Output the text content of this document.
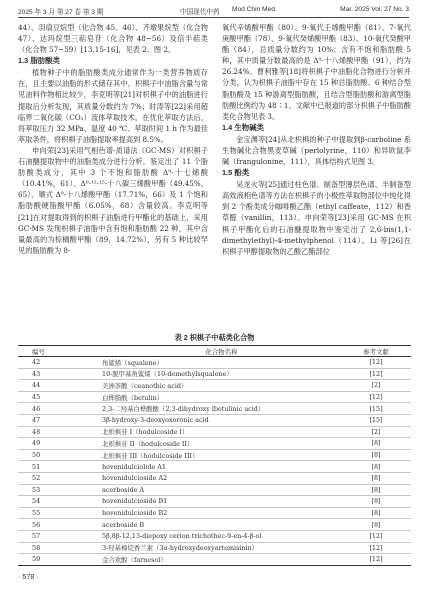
2025 年 3 月 第 27 卷 第 3 期	中国现代中药 Mod Chin Med	Mar. 2025 Vol. 27 No. 3

44）、羽扇豆烷型（化合物 45、46）、齐墩果烷型（化合物 47）、达玛烷型三萜皂苷（化合物 48~56）及倍半萜类（化合物 57~59）[13,15-16]，见表 2、图 2。

1.3 脂肪酸类

植物种子中的脂肪酸类成分通常作为一类营养物质存在，且主要以油脂的形式储存其中。枳椇子中油脂含量与常见油料作物相比较少，李克明等[21]对枳椇子中的油脂进行提取后分析发现，其质量分数约为 7%；时涛等[22]采用超临界二氧化碳（CO₂）流体萃取技术，在优化萃取方法后，将萃取压力 32 MPa、温度 40 ℃、萃取时间 1 h 作为最佳萃取条件，将枳椇子油脂提取率提高到 8.5%。

申向荣[23]采用气相色谱-质谱法（GC-MS）对枳椇子石油醚提取物中的油脂类成分进行分析，鉴定出了 11 个脂肪酸类成分，其中 3 个不饱和脂肪酸 Δ⁹-十七烯酸（10.41%，61）、Δ⁹·¹²·¹⁵-十八碳三烯酸甲酯（49.45%，65）、顺式 Δ⁹-十八烯酸甲酯（17.71%，66）及 1 个饱和脂肪酸硬脂酸甲酯（6.05%，68）含量较高。李克明等[21]在对提取得到的枳椇子油脂进行甲酯化的基础上，采用 GC-MS 发现枳椇子油脂中含有饱和脂肪酸 22 种，其中含量最高的为棕榈酸甲酯（89，14.72%），另有 5 种比较罕见的脂肪酸为 8-

氧代辛烯酸甲酯（80）、9-氧代壬烯酸甲酯（81）、7-氧代庚酸甲酯（78）、9-氧代癸烯酸甲酯（83）、10-氧代癸酸甲酯（84），总质量分数约为 10%；含有不饱和脂肪酸 5 种，其中质量分数最高的是 Δ⁹-十八烯酸甲酯（91），约为 26.24%。曹利雅等[18]将枳椇子中油脂化合物进行分析并分类，认为枳椇子油脂中存在 15 种总脂肪酸、6 种结合型脂肪酸及 15 种游离型脂肪酸，且结合型脂肪酸和游离型脂肪酸比例约为 48∶1。文献中已报道的部分枳椇子中脂肪酸类化合物见表 3。

1.4 生物碱类

金宝渊等[24]从北枳椇的种子中提取到β-carboline 系生物碱化合物黑麦草碱（perlolyrine，110）和异欧鼠李碱（frangulonine，111），具体结构式见图 3。

1.5 酚类

吴龙火等[25]通过柱色谱、制备型薄层色谱、半制备型高效液相色谱等方法在枳椇子的小极性萃取物部位中纯化得到 2 个酚类成分咖啡酸乙酯（ethyl caffeate，112）和香草醛（vanillin，113）。申向荣等[23]采用 GC-MS 在枳椇子甲酯化后的石油醚提取物中鉴定出了 2,6-bis(1,1-dimethylethyl)-4-methylphenol（114）。Li 等[26]在枳椇子甲醇提取物的乙酸乙酯部位

表 2 枳椇子中萜类化合物
编号	化合物名称	参考文献
42	角鲨烯（squalene）	[12]
43	10-脱甲基角鲨烯（10-demethylsqualene）	[12]
44	美洲茶酸（ceanothic acid）	[2]
45	白桦脂酸（betulin）	[12]
46	2,3-二羟基白桦酸酸（2,3-dihydroxy lbetulinic acid）	[15]
47	3β-hydroxy-3-deoxyoxoronic acid	[15]
48	北枳椇苷 I（hodulcoside I）	[2]
49	北枳椇苷 II（hodulcoside II）	[8]
50	北枳椇苷 III（hodulcoside III）	[8]
51	hovenidulciolide A1	[8]
52	hovenidulcioside A2	[8]
53	acerboside A	[8]
54	hovenidulcioside B1	[8]
55	hovenidulcioside B2	[8]
56	acerboside B	[8]
57	5β,8β-12,13-diepoxy cerion trichothec-9-en-4-β-ol	[12]
58	3-羟基樟烷香兰素（3α-hydroxydeoxyartemisinin）	[12]
59	金合欢醇（farnesol）	[12]
· 578 ·
